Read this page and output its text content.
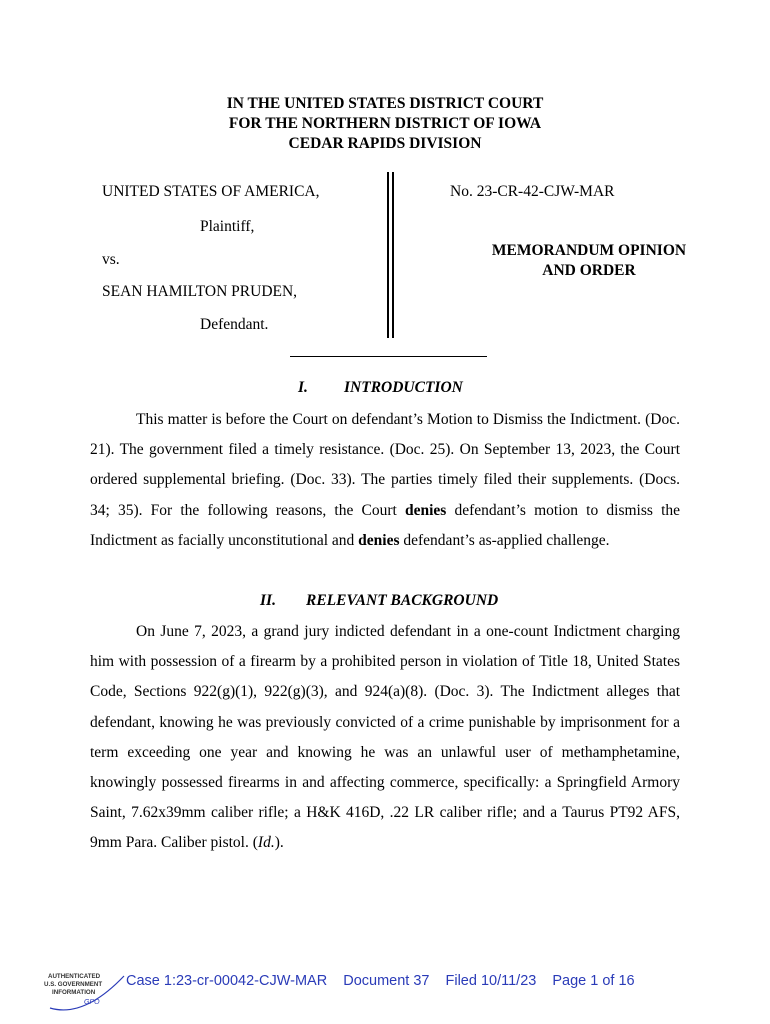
IN THE UNITED STATES DISTRICT COURT
FOR THE NORTHERN DISTRICT OF IOWA
CEDAR RAPIDS DIVISION
UNITED STATES OF AMERICA,
Plaintiff,
vs.
SEAN HAMILTON PRUDEN,
Defendant.
No. 23-CR-42-CJW-MAR
MEMORANDUM OPINION
AND ORDER
I. INTRODUCTION

This matter is before the Court on defendant’s Motion to Dismiss the Indictment. (Doc. 21). The government filed a timely resistance. (Doc. 25). On September 13, 2023, the Court ordered supplemental briefing. (Doc. 33). The parties timely filed their supplements. (Docs. 34; 35). For the following reasons, the Court denies defendant’s motion to dismiss the Indictment as facially unconstitutional and denies defendant’s as-applied challenge.

II. RELEVANT BACKGROUND

On June 7, 2023, a grand jury indicted defendant in a one-count Indictment charging him with possession of a firearm by a prohibited person in violation of Title 18, United States Code, Sections 922(g)(1), 922(g)(3), and 924(a)(8). (Doc. 3). The Indictment alleges that defendant, knowing he was previously convicted of a crime punishable by imprisonment for a term exceeding one year and knowing he was an unlawful user of methamphetamine, knowingly possessed firearms in and affecting commerce, specifically: a Springfield Armory Saint, 7.62x39mm caliber rifle; a H&K 416D, .22 LR caliber rifle; and a Taurus PT92 AFS, 9mm Para. Caliber pistol. (Id.).

AUTHENTICATED
U.S. GOVERNMENT
INFORMATION
GPO
Case 1:23-cr-00042-CJW-MAR Document 37 Filed 10/11/23 Page 1 of 16
